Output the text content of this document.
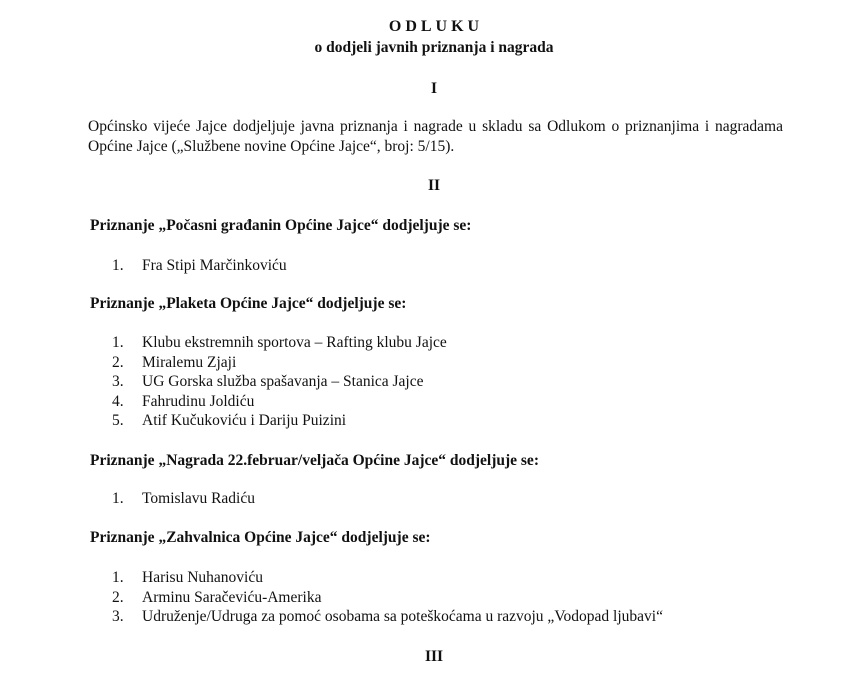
ODLUKU
o dodjeli javnih priznanja i nagrada
I
Općinsko vijeće Jajce dodjeljuje javna priznanja i nagrade u skladu sa Odlukom o priznanjima i nagradama Općine Jajce („Službene novine Općine Jajce“, broj: 5/15).
II
Priznanje „Počasni građanin Općine Jajce“ dodjeljuje se:
1. Fra Stipi Marčinkoviću
Priznanje „Plaketa Općine Jajce“ dodjeljuje se:
1. Klubu ekstremnih sportova – Rafting klubu Jajce
2. Miralemu Zjaji
3. UG Gorska služba spašavanja – Stanica Jajce
4. Fahrudinu Joldiću
5. Atif Kučukoviću i Dariju Puizini
Priznanje „Nagrada 22.februar/veljača Općine Jajce“ dodjeljuje se:
1. Tomislavu Radiću
Priznanje „Zahvalnica Općine Jajce“ dodjeljuje se:
1. Harisu Nuhanoviću
2. Arminu Saračeviću-Amerika
3. Udruženje/Udruga za pomoć osobama sa poteškoćama u razvoju „Vodopad ljubavi“
III
